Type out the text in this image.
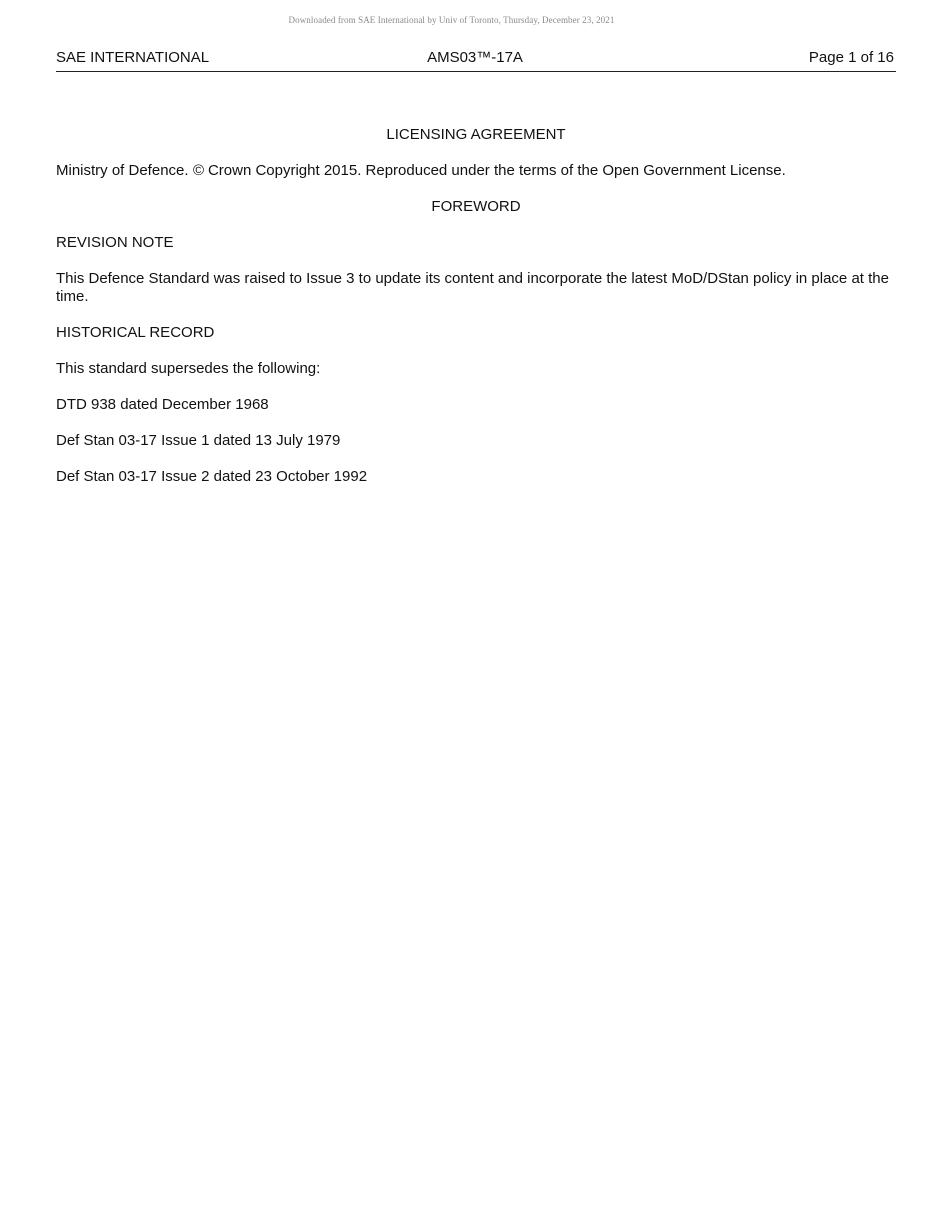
Downloaded from SAE International by Univ of Toronto, Thursday, December 23, 2021
SAE INTERNATIONAL	AMS03™-17A	Page 1 of 16

LICENSING AGREEMENT

Ministry of Defence. © Crown Copyright 2015. Reproduced under the terms of the Open Government License.

FOREWORD

REVISION NOTE

This Defence Standard was raised to Issue 3 to update its content and incorporate the latest MoD/DStan policy in place at the time.

HISTORICAL RECORD

This standard supersedes the following:

DTD 938 dated December 1968

Def Stan 03-17 Issue 1 dated 13 July 1979

Def Stan 03-17 Issue 2 dated 23 October 1992
